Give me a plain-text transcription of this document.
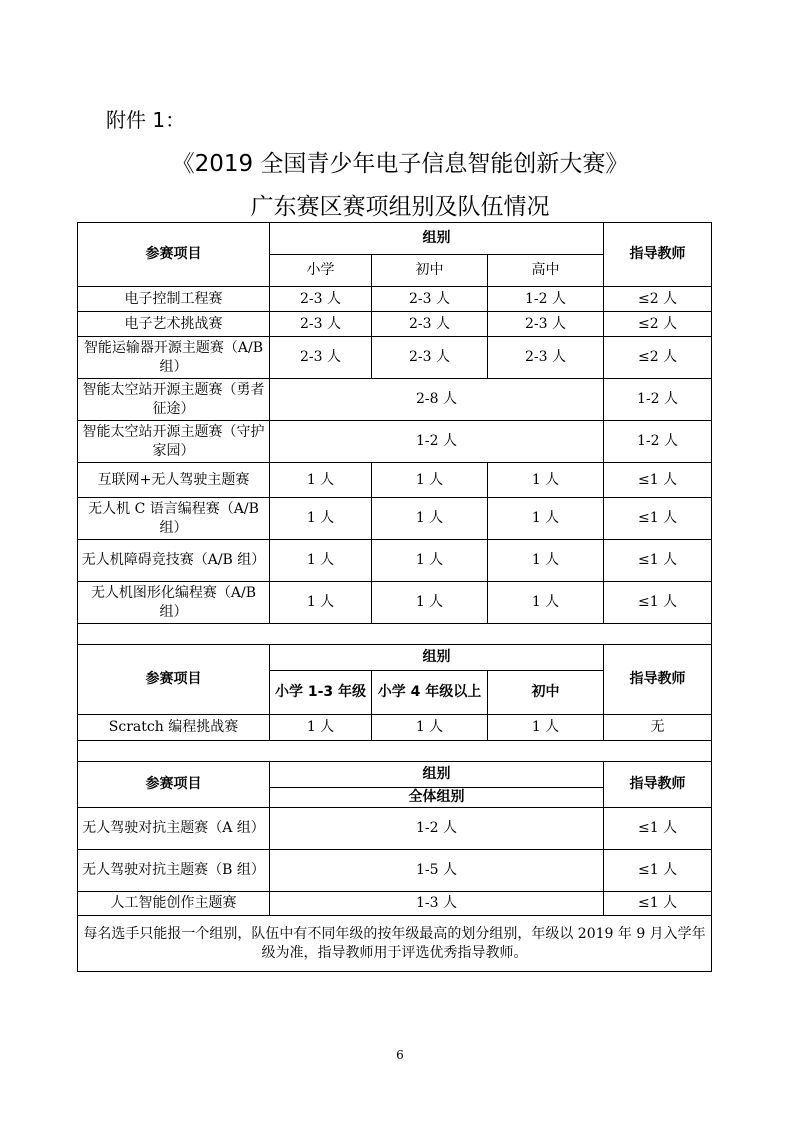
附件 1：
《2019 全国青少年电子信息智能创新大赛》
广东赛区赛项组别及队伍情况
参赛项目	组别			指导教师
	小学	初中	高中	
电子控制工程赛	2-3 人	2-3 人	1-2 人	≤2 人
电子艺术挑战赛	2-3 人	2-3 人	2-3 人	≤2 人
智能运输器开源主题赛（A/B 组）	2-3 人	2-3 人	2-3 人	≤2 人
智能太空站开源主题赛（勇者征途）	2-8 人			1-2 人
智能太空站开源主题赛（守护家园）	1-2 人			1-2 人
互联网+无人驾驶主题赛	1 人	1 人	1 人	≤1 人
无人机 C 语言编程赛（A/B 组）	1 人	1 人	1 人	≤1 人
无人机障碍竞技赛（A/B 组）	1 人	1 人	1 人	≤1 人
无人机图形化编程赛（A/B 组）	1 人	1 人	1 人	≤1 人

参赛项目	组别			指导教师
	小学 1-3 年级	小学 4 年级以上	初中	
Scratch 编程挑战赛	1 人	1 人	1 人	无

参赛项目	组别			指导教师
	全体组别			
无人驾驶对抗主题赛（A 组）	1-2 人			≤1 人
无人驾驶对抗主题赛（B 组）	1-5 人			≤1 人
人工智能创作主题赛	1-3 人			≤1 人
每名选手只能报一个组别，队伍中有不同年级的按年级最高的划分组别，年级以 2019 年 9 月入学年级为准，指导教师用于评选优秀指导教师。				
6
